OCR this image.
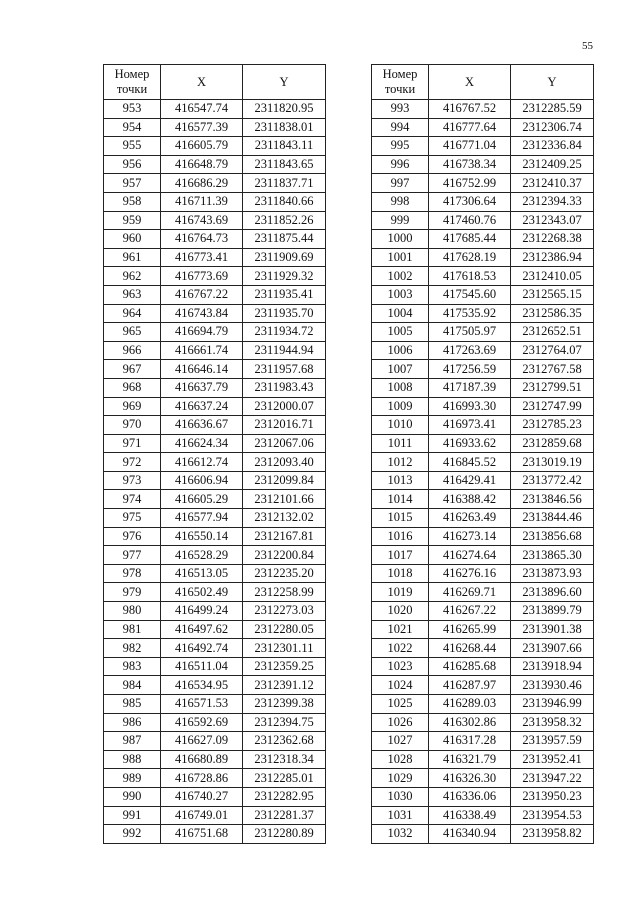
55
Номер
точки	X	Y
953	416547.74	2311820.95
954	416577.39	2311838.01
955	416605.79	2311843.11
956	416648.79	2311843.65
957	416686.29	2311837.71
958	416711.39	2311840.66
959	416743.69	2311852.26
960	416764.73	2311875.44
961	416773.41	2311909.69
962	416773.69	2311929.32
963	416767.22	2311935.41
964	416743.84	2311935.70
965	416694.79	2311934.72
966	416661.74	2311944.94
967	416646.14	2311957.68
968	416637.79	2311983.43
969	416637.24	2312000.07
970	416636.67	2312016.71
971	416624.34	2312067.06
972	416612.74	2312093.40
973	416606.94	2312099.84
974	416605.29	2312101.66
975	416577.94	2312132.02
976	416550.14	2312167.81
977	416528.29	2312200.84
978	416513.05	2312235.20
979	416502.49	2312258.99
980	416499.24	2312273.03
981	416497.62	2312280.05
982	416492.74	2312301.11
983	416511.04	2312359.25
984	416534.95	2312391.12
985	416571.53	2312399.38
986	416592.69	2312394.75
987	416627.09	2312362.68
988	416680.89	2312318.34
989	416728.86	2312285.01
990	416740.27	2312282.95
991	416749.01	2312281.37
992	416751.68	2312280.89
Номер
точки	X	Y
993	416767.52	2312285.59
994	416777.64	2312306.74
995	416771.04	2312336.84
996	416738.34	2312409.25
997	416752.99	2312410.37
998	417306.64	2312394.33
999	417460.76	2312343.07
1000	417685.44	2312268.38
1001	417628.19	2312386.94
1002	417618.53	2312410.05
1003	417545.60	2312565.15
1004	417535.92	2312586.35
1005	417505.97	2312652.51
1006	417263.69	2312764.07
1007	417256.59	2312767.58
1008	417187.39	2312799.51
1009	416993.30	2312747.99
1010	416973.41	2312785.23
1011	416933.62	2312859.68
1012	416845.52	2313019.19
1013	416429.41	2313772.42
1014	416388.42	2313846.56
1015	416263.49	2313844.46
1016	416273.14	2313856.68
1017	416274.64	2313865.30
1018	416276.16	2313873.93
1019	416269.71	2313896.60
1020	416267.22	2313899.79
1021	416265.99	2313901.38
1022	416268.44	2313907.66
1023	416285.68	2313918.94
1024	416287.97	2313930.46
1025	416289.03	2313946.99
1026	416302.86	2313958.32
1027	416317.28	2313957.59
1028	416321.79	2313952.41
1029	416326.30	2313947.22
1030	416336.06	2313950.23
1031	416338.49	2313954.53
1032	416340.94	2313958.82
